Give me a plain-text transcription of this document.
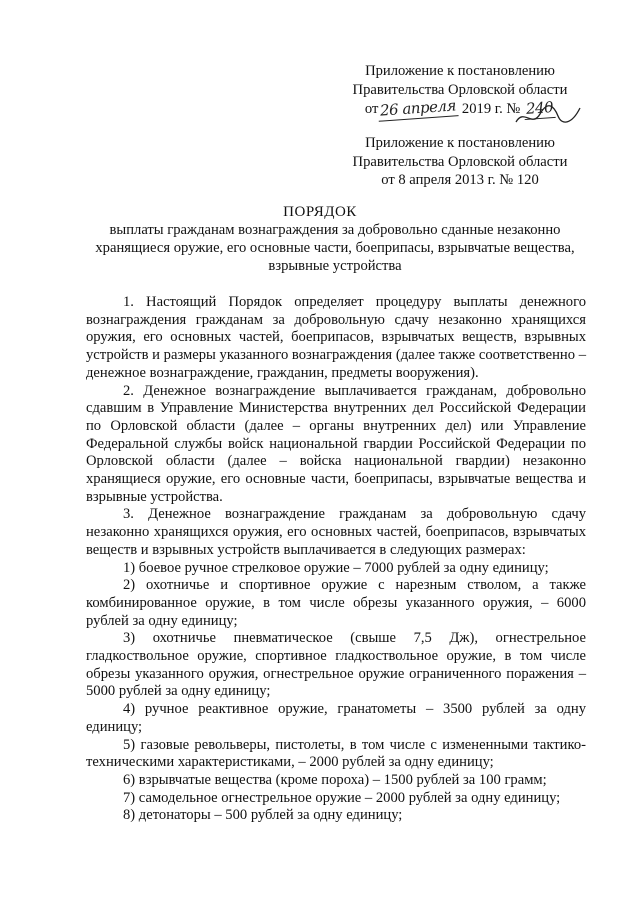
Приложение к постановлению
Правительства Орловской области
от26 апреля 2019 г. № 240
Приложение к постановлению
Правительства Орловской области
от 8 апреля 2013 г. № 120
ПОРЯДОК
выплаты гражданам вознаграждения за добровольно сданные незаконно хранящиеся оружие, его основные части, боеприпасы, взрывчатые вещества, взрывные устройства

1. Настоящий Порядок определяет процедуру выплаты денежного вознаграждения гражданам за добровольную сдачу незаконно хранящихся оружия, его основных частей, боеприпасов, взрывчатых веществ, взрывных устройств и размеры указанного вознаграждения (далее также соответственно – денежное вознаграждение, гражданин, предметы вооружения).

2. Денежное вознаграждение выплачивается гражданам, добровольно сдавшим в Управление Министерства внутренних дел Российской Федерации по Орловской области (далее – органы внутренних дел) или Управление Федеральной службы войск национальной гвардии Российской Федерации по Орловской области (далее – войска национальной гвардии) незаконно хранящиеся оружие, его основные части, боеприпасы, взрывчатые вещества и взрывные устройства.

3. Денежное вознаграждение гражданам за добровольную сдачу незаконно хранящихся оружия, его основных частей, боеприпасов, взрывчатых веществ и взрывных устройств выплачивается в следующих размерах:

1) боевое ручное стрелковое оружие – 7000 рублей за одну единицу;

2) охотничье и спортивное оружие с нарезным стволом, а также комбинированное оружие, в том числе обрезы указанного оружия, – 6000 рублей за одну единицу;

3) охотничье пневматическое (свыше 7,5 Дж), огнестрельное гладкоствольное оружие, спортивное гладкоствольное оружие, в том числе обрезы указанного оружия, огнестрельное оружие ограниченного поражения – 5000 рублей за одну единицу;

4) ручное реактивное оружие, гранатометы – 3500 рублей за одну единицу;

5) газовые револьверы, пистолеты, в том числе с измененными тактико-техническими характеристиками, – 2000 рублей за одну единицу;

6) взрывчатые вещества (кроме пороха) – 1500 рублей за 100 грамм;

7) самодельное огнестрельное оружие – 2000 рублей за одну единицу;

8) детонаторы – 500 рублей за одну единицу;
